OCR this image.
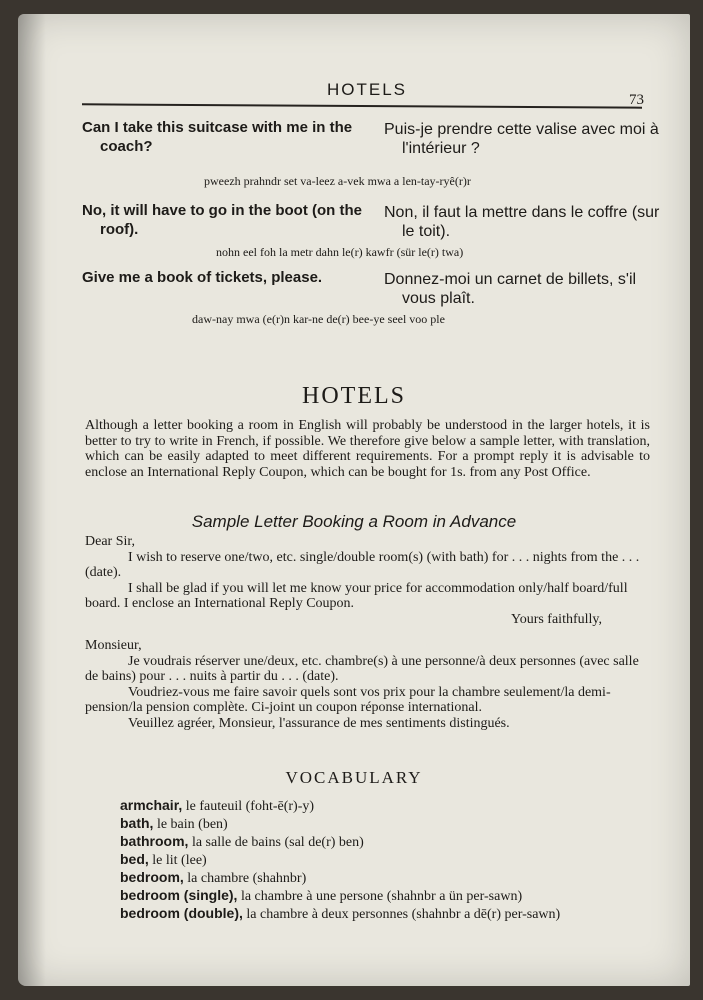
HOTELS
73
Can I take this suitcase with me in the coach?
Puis-je prendre cette valise avec moi à l'intérieur ?
pweezh prahndr set va-leez a-vek mwa a len-tay-ryê(r)r
No, it will have to go in the boot (on the roof).
Non, il faut la mettre dans le coffre (sur le toit).
nohn eel foh la metr dahn le(r) kawfr (sür le(r) twa)
Give me a book of tickets, please.	Donnez-moi un carnet de billets, s'il vous plaît.
daw-nay mwa (e(r)n kar-ne de(r) bee-ye seel voo ple
HOTELS

Although a letter booking a room in English will probably be understood in the larger hotels, it is better to try to write in French, if possible. We therefore give below a sample letter, with translation, which can be easily adapted to meet different requirements. For a prompt reply it is advisable to enclose an International Reply Coupon, which can be bought for 1s. from any Post Office.

Sample Letter Booking a Room in Advance
Dear Sir,
I wish to reserve one/two, etc. single/double room(s) (with bath) for . . . nights from the . . . (date).
I shall be glad if you will let me know your price for accommodation only/half board/full board. I enclose an International Reply Coupon.
Yours faithfully,
Monsieur,
Je voudrais réserver une/deux, etc. chambre(s) à une personne/à deux personnes (avec salle de bains) pour . . . nuits à partir du . . . (date).
Voudriez-vous me faire savoir quels sont vos prix pour la chambre seulement/la demi-pension/la pension complète. Ci-joint un coupon réponse international.
Veuillez agréer, Monsieur, l'assurance de mes sentiments distingués.
VOCABULARY
armchair, le fauteuil (foht-ē(r)-y)
bath, le bain (ben)
bathroom, la salle de bains (sal de(r) ben)
bed, le lit (lee)
bedroom, la chambre (shahnbr)
bedroom (single), la chambre à une persone (shahnbr a ün per-sawn)
bedroom (double), la chambre à deux personnes (shahnbr a dē(r) per-sawn)
